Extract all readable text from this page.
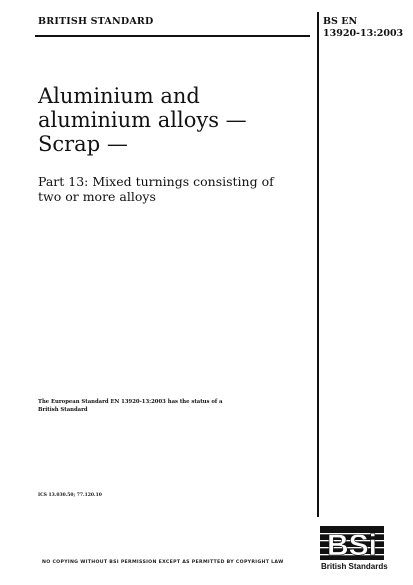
BRITISH STANDARD	BS EN
13920-13:2003
Aluminium and
aluminium alloys —
Scrap —
Part 13: Mixed turnings consisting of
two or more alloys
The European Standard EN 13920-13:2003 has the status of a
British Standard
ICS 13.030.50; 77.120.10
NO COPYING WITHOUT BSI PERMISSION EXCEPT AS PERMITTED BY COPYRIGHT LAW
BSi
British Standards
